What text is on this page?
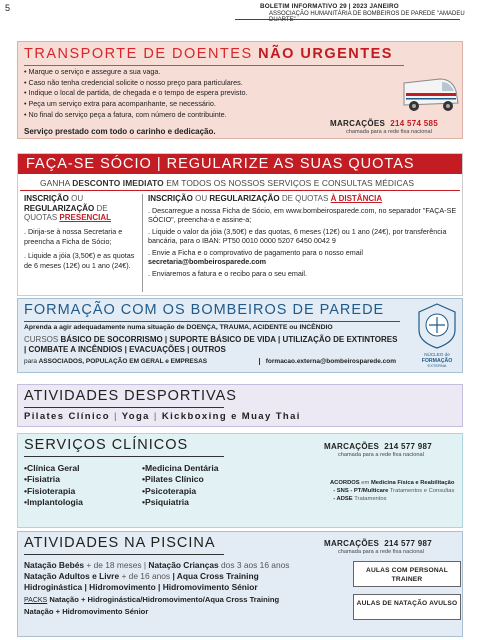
5	BOLETIM INFORMATIVO 29 | 2023 JANEIRO
ASSOCIAÇÃO HUMANITÁRIA DE BOMBEIROS DE PAREDE "AMADEU DUARTE"
TRANSPORTE DE DOENTES NÃO URGENTES
• Marque o serviço e assegure a sua vaga.
• Caso não tenha credencial solicite o nosso preço para particulares.
• Indique o local de partida, de chegada e o tempo de espera previsto.
• Peça um serviço extra para acompanhante, se necessário.
• No final do serviço peça a fatura, com número de contribuinte.
Serviço prestado com todo o carinho e dedicação.
MARCAÇÕES 214 574 585
chamada para a rede fixa nacional
FAÇA-SE SÓCIO | REGULARIZE AS SUAS QUOTAS
GANHA DESCONTO IMEDIATO EM TODOS OS NOSSOS SERVIÇOS E CONSULTAS MÉDICAS
INSCRIÇÃO OU
REGULARIZAÇÃO DE
QUOTAS PRESENCIAL

. Dirija-se à nossa Secretaria e preencha a Ficha de Sócio;

. Liquide a jóia (3,50€) e as quotas de 6 meses (12€) ou 1 ano (24€).

INSCRIÇÃO OU REGULARIZAÇÃO DE QUOTAS À DISTÂNCIA

. Descarregue a nossa Ficha de Sócio, em www.bombeirosparede.com, no separador "FAÇA-SE SÓCIO", preencha-a e assine-a;

. Liquide o valor da jóia (3,50€) e das quotas, 6 meses (12€) ou 1 ano (24€), por transferência bancária, para o IBAN: PT50 0010 0000 5207 6450 0042 9

. Envie a Ficha e o comprovativo de pagamento para o nosso email
secretaria@bombeirosparede.com

. Enviaremos a fatura e o recibo para o seu email.

FORMAÇÃO COM OS BOMBEIROS DE PAREDE
Aprenda a agir adequadamente numa situação de DOENÇA, TRAUMA, ACIDENTE ou INCÊNDIO
CURSOS BÁSICO DE SOCORRISMO | SUPORTE BÁSICO DE VIDA | UTILIZAÇÃO DE EXTINTORES | COMBATE A INCÊNDIOS | EVACUAÇÕES | OUTROS
para ASSOCIADOS, POPULAÇÃO EM GERAL e EMPRESAS	formacao.externa@bombeirosparede.com
NÚCLEO de
FORMAÇÃO
EXTERNA
ATIVIDADES DESPORTIVAS
Pilates Clínico | Yoga | Kickboxing e Muay Thai
SERVIÇOS CLÍNICOS
• Clínica Geral
• Fisiatria
• Fisioterapia
• Implantologia
• Medicina Dentária
• Pilates Clínico
• Psicoterapia
• Psiquiatria
MARCAÇÕES 214 577 987
chamada para a rede fixa nacional
ACORDOS em Medicina Física e Reabilitação
- SNS - PT/Multicare Tratamentos e Consultas
- ADSE Tratamentos
ATIVIDADES NA PISCINA	MARCAÇÕES 214 577 987
chamada para a rede fixa nacional
Natação Bebés + de 18 meses | Natação Crianças dos 3 aos 16 anos
Natação Adultos e Livre + de 16 anos | Aqua Cross Training
Hidroginástica | Hidromovimento | Hidromovimento Sénior
PACKS Natação + Hidroginástica/Hidromovimento/Aqua Cross Training
Natação + Hidromovimento Sénior
AULAS COM PERSONAL TRAINER
AULAS DE NATAÇÃO AVULSO
